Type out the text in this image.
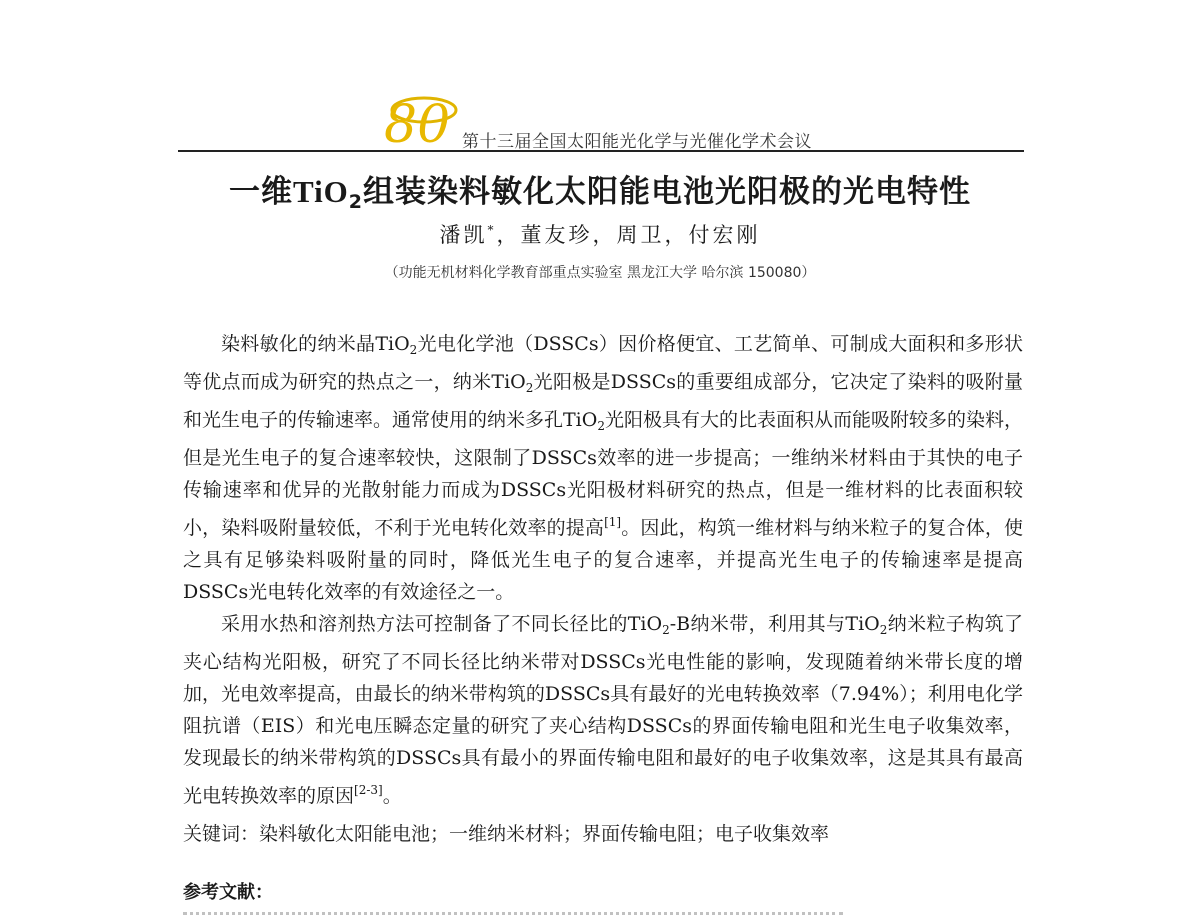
80 第十三届全国太阳能光化学与光催化学术会议
一维TiO$_2$组装染料敏化太阳能电池光阳极的光电特性
潘凯*，董友珍，周卫，付宏刚
（功能无机材料化学教育部重点实验室 黑龙江大学 哈尔滨 150080）

染料敏化的纳米晶TiO$_2$光电化学池（DSSCs）因价格便宜、工艺简单、可制成大面积和多形状等优点而成为研究的热点之一，纳米TiO$_2$光阳极是DSSCs的重要组成部分，它决定了染料的吸附量和光生电子的传输速率。通常使用的纳米多孔TiO$_2$光阳极具有大的比表面积从而能吸附较多的染料，但是光生电子的复合速率较快，这限制了DSSCs效率的进一步提高；一维纳米材料由于其快的电子传输速率和优异的光散射能力而成为DSSCs光阳极材料研究的热点，但是一维材料的比表面积较小，染料吸附量较低，不利于光电转化效率的提高[1]。因此，构筑一维材料与纳米粒子的复合体，使之具有足够染料吸附量的同时，降低光生电子的复合速率，并提高光生电子的传输速率是提高DSSCs光电转化效率的有效途径之一。

采用水热和溶剂热方法可控制备了不同长径比的TiO$_2$-B纳米带，利用其与TiO$_2$纳米粒子构筑了夹心结构光阳极，研究了不同长径比纳米带对DSSCs光电性能的影响，发现随着纳米带长度的增加，光电效率提高，由最长的纳米带构筑的DSSCs具有最好的光电转换效率（7.94%）；利用电化学阻抗谱（EIS）和光电压瞬态定量的研究了夹心结构DSSCs的界面传输电阻和光生电子收集效率，发现最长的纳米带构筑的DSSCs具有最小的界面传输电阻和最好的电子收集效率，这是其具有最高光电转换效率的原因[2-3]。

关键词：染料敏化太阳能电池；一维纳米材料；界面传输电阻；电子收集效率
参考文献：
